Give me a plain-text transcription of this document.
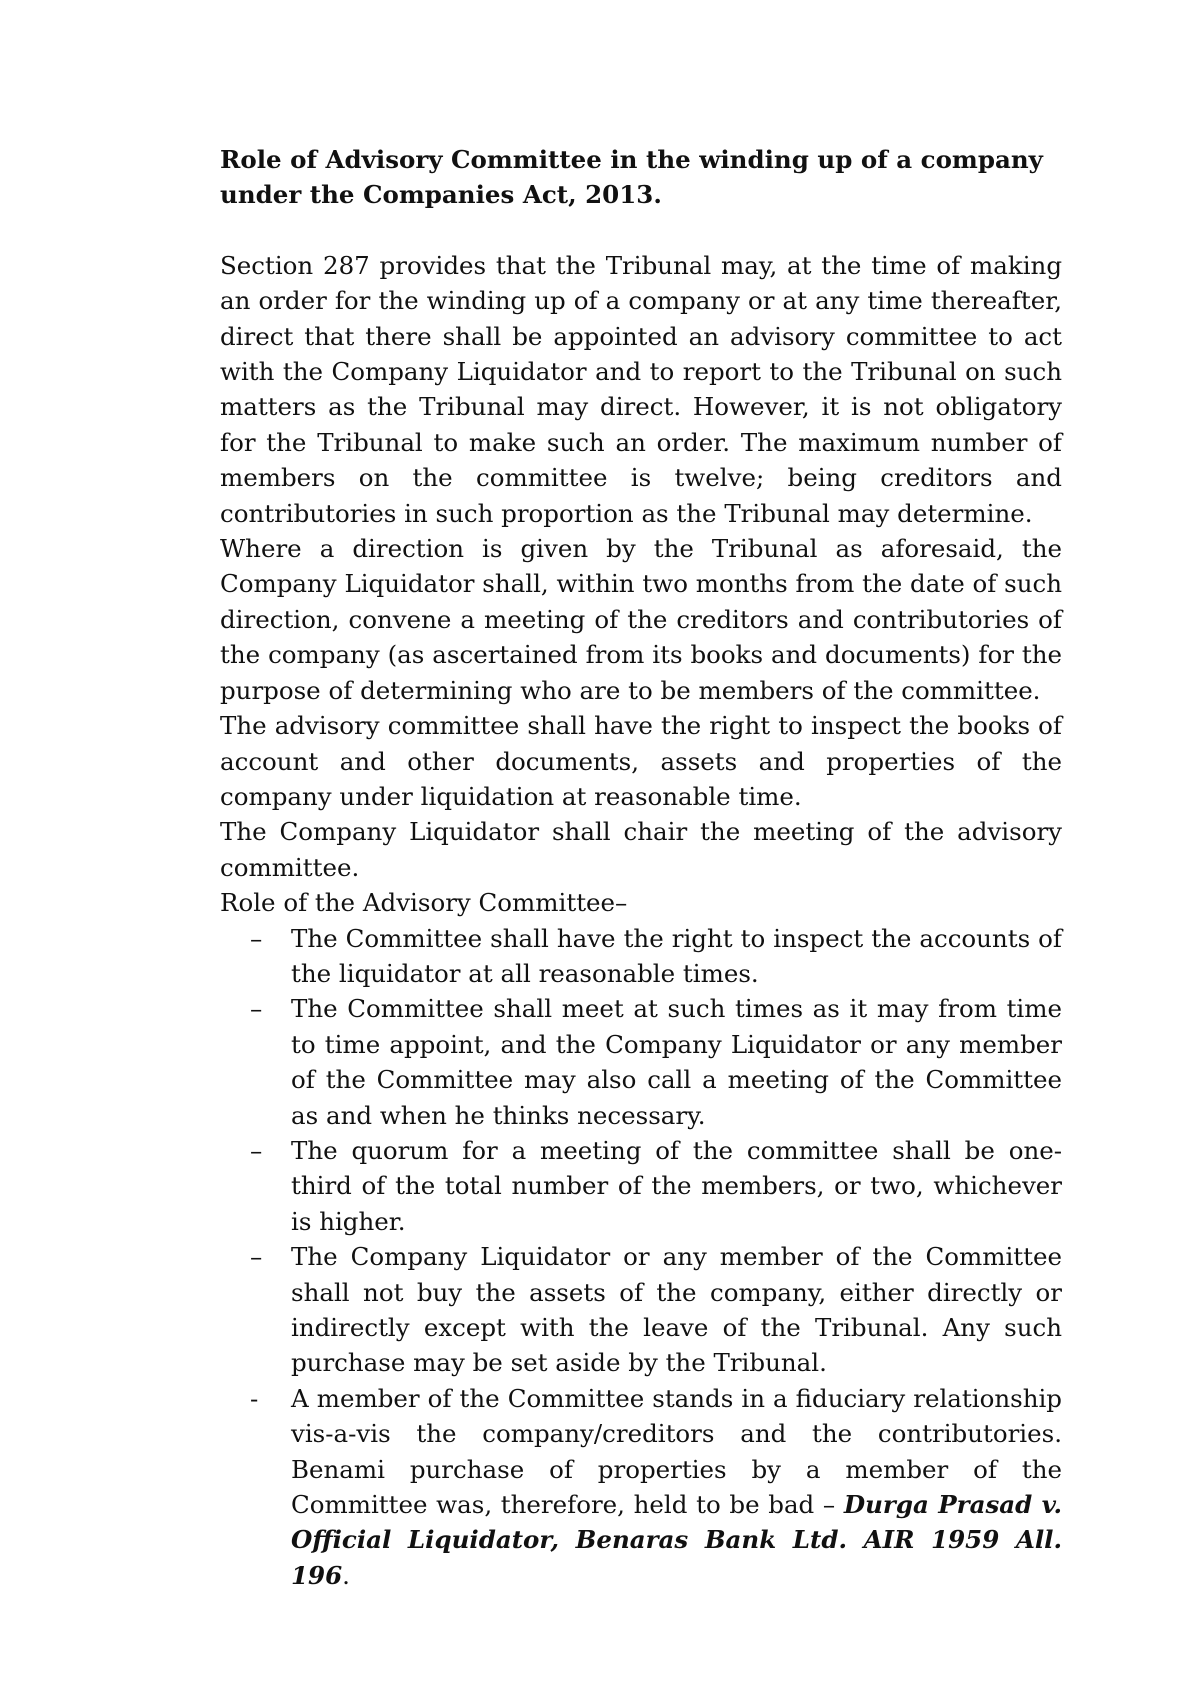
Role of Advisory Committee in the winding up of a company under the Companies Act, 2013.

Section 287 provides that the Tribunal may, at the time of making an order for the winding up of a company or at any time thereafter, direct that there shall be appointed an advisory committee to act with the Company Liquidator and to report to the Tribunal on such matters as the Tribunal may direct. However, it is not obligatory for the Tribunal to make such an order. The maximum number of members on the committee is twelve; being creditors and contributories in such proportion as the Tribunal may determine.

Where a direction is given by the Tribunal as aforesaid, the Company Liquidator shall, within two months from the date of such direction, convene a meeting of the creditors and contributories of the company (as ascertained from its books and documents) for the purpose of determining who are to be members of the committee.

The advisory committee shall have the right to inspect the books of account and other documents, assets and properties of the company under liquidation at reasonable time.

The Company Liquidator shall chair the meeting of the advisory committee.

Role of the Advisory Committee–

– The Committee shall have the right to inspect the accounts of the liquidator at all reasonable times.
– The Committee shall meet at such times as it may from time to time appoint, and the Company Liquidator or any member of the Committee may also call a meeting of the Committee as and when he thinks necessary.
– The quorum for a meeting of the committee shall be one-third of the total number of the members, or two, whichever is higher.
– The Company Liquidator or any member of the Committee shall not buy the assets of the company, either directly or indirectly except with the leave of the Tribunal. Any such purchase may be set aside by the Tribunal.
- A member of the Committee stands in a fiduciary relationship vis-a-vis the company/creditors and the contributories. Benami purchase of properties by a member of the Committee was, therefore, held to be bad – Durga Prasad v. Official Liquidator, Benaras Bank Ltd. AIR 1959 All. 196.
